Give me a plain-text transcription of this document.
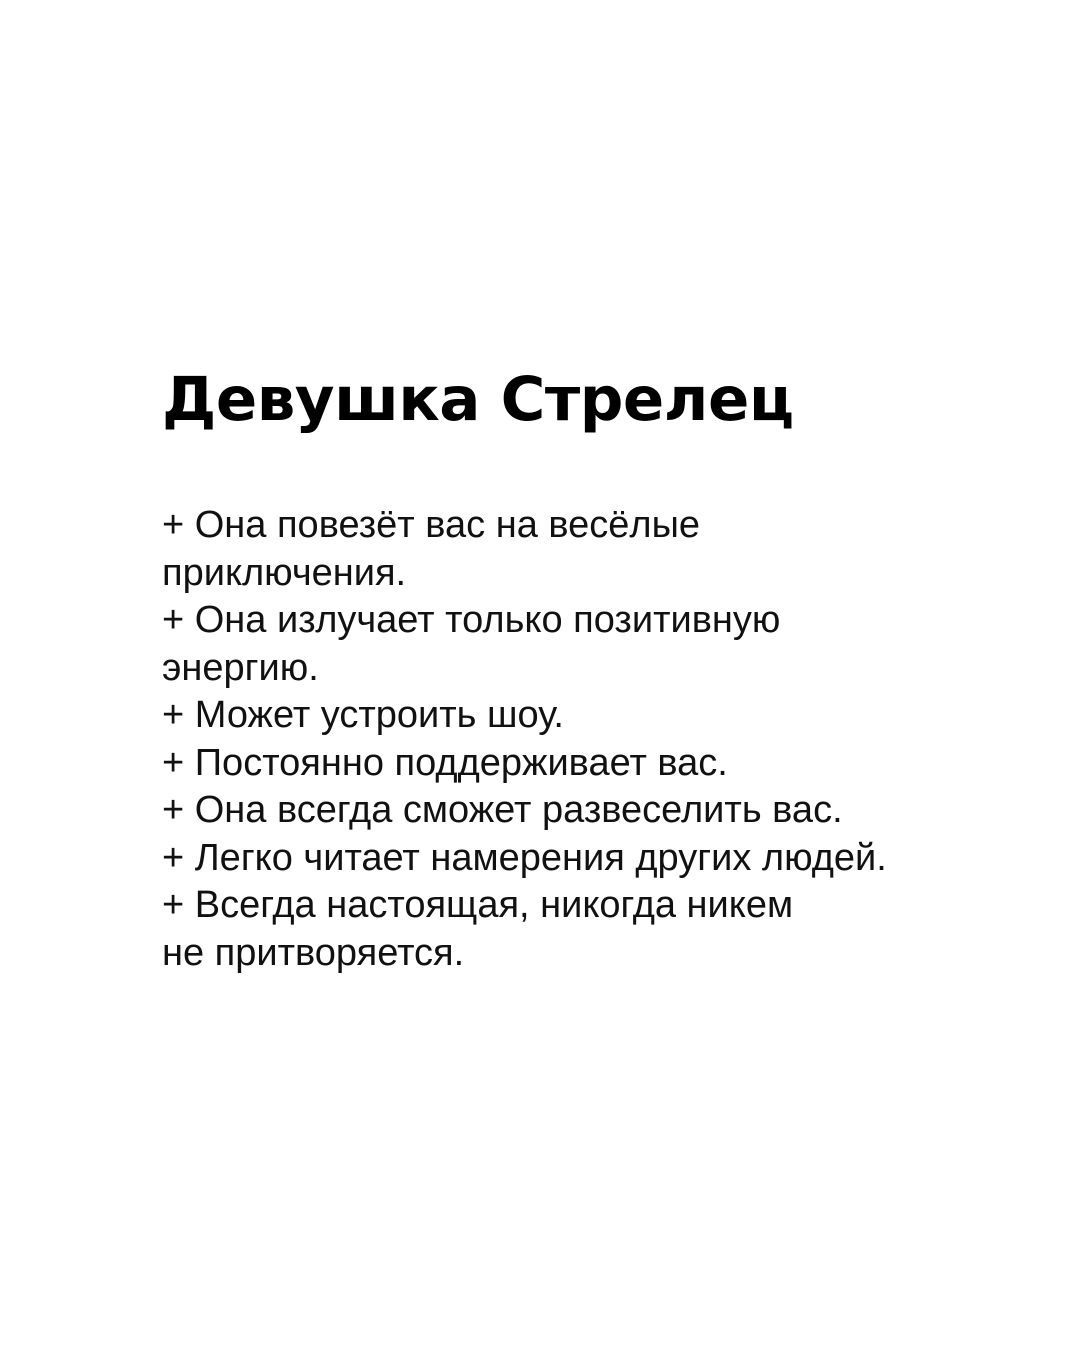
Девушка Стрелец
+ Она повезёт вас на весёлые
приключения.
+ Она излучает только позитивную
энергию.
+ Может устроить шоу.
+ Постоянно поддерживает вас.
+ Она всегда сможет развеселить вас.
+ Легко читает намерения других людей.
+ Всегда настоящая, никогда никем
не притворяется.
